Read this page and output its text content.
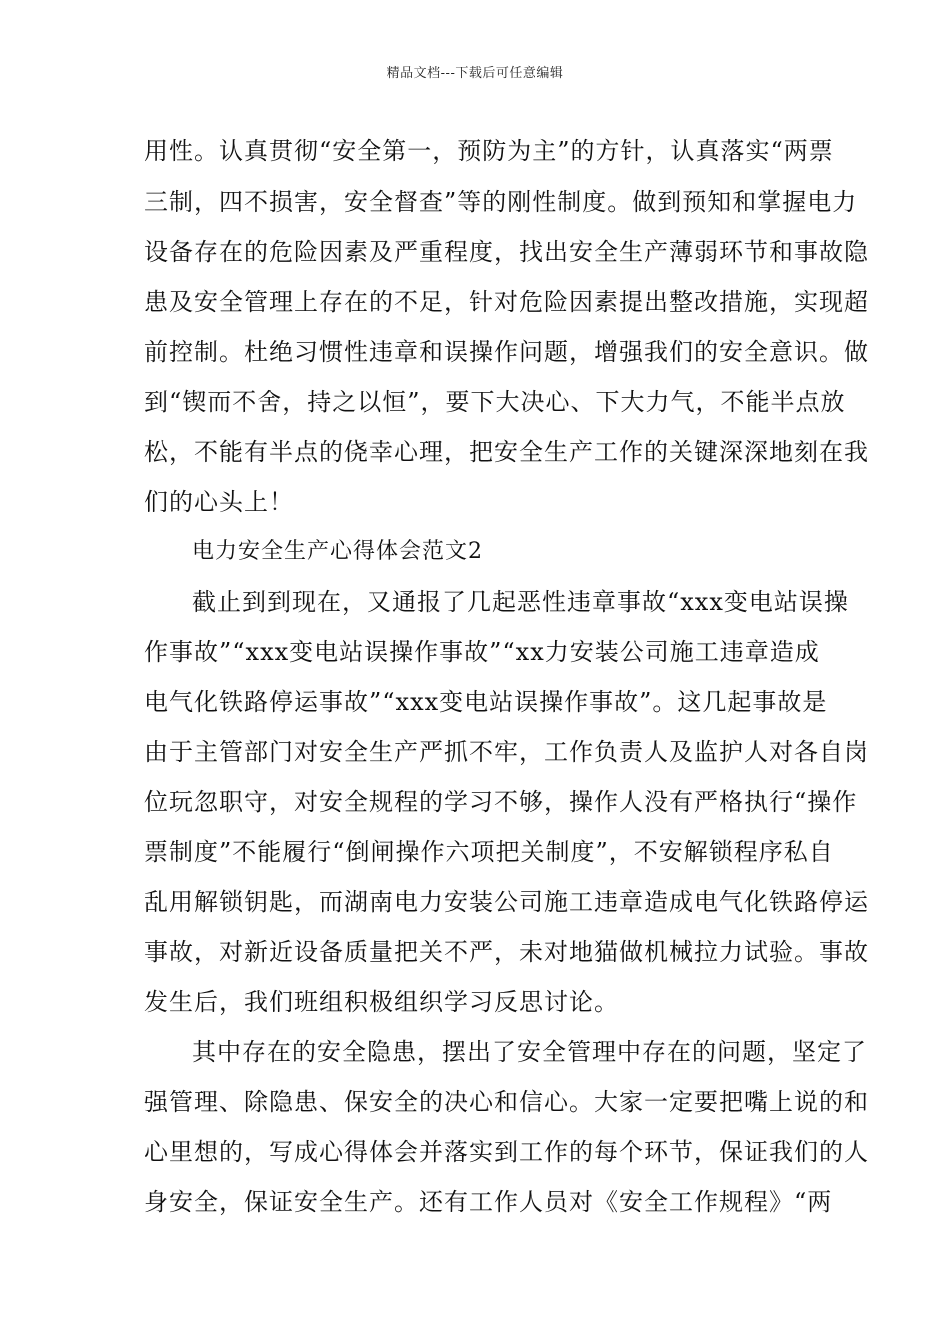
精品文档---下载后可任意编辑
用性。认真贯彻“安全第一，预防为主”的方针，认真落实“两票
三制，四不损害，安全督查”等的刚性制度。做到预知和掌握电力
设备存在的危险因素及严重程度，找出安全生产薄弱环节和事故隐
患及安全管理上存在的不足，针对危险因素提出整改措施，实现超
前控制。杜绝习惯性违章和误操作问题，增强我们的安全意识。做
到“锲而不舍，持之以恒”，要下大决心、下大力气，不能半点放
松，不能有半点的侥幸心理，把安全生产工作的关键深深地刻在我
们的心头上！
电力安全生产心得体会范文2
截止到到现在，又通报了几起恶性违章事故“xxx变电站误操
作事故”“xxx变电站误操作事故”“xx力安装公司施工违章造成
电气化铁路停运事故”“xxx变电站误操作事故”。这几起事故是
由于主管部门对安全生产严抓不牢，工作负责人及监护人对各自岗
位玩忽职守，对安全规程的学习不够，操作人没有严格执行“操作
票制度”不能履行“倒闸操作六项把关制度”，不安解锁程序私自
乱用解锁钥匙，而湖南电力安装公司施工违章造成电气化铁路停运
事故，对新近设备质量把关不严，未对地猫做机械拉力试验。事故
发生后，我们班组积极组织学习反思讨论。
其中存在的安全隐患，摆出了安全管理中存在的问题，坚定了
强管理、除隐患、保安全的决心和信心。大家一定要把嘴上说的和
心里想的，写成心得体会并落实到工作的每个环节，保证我们的人
身安全，保证安全生产。还有工作人员对《安全工作规程》“两
